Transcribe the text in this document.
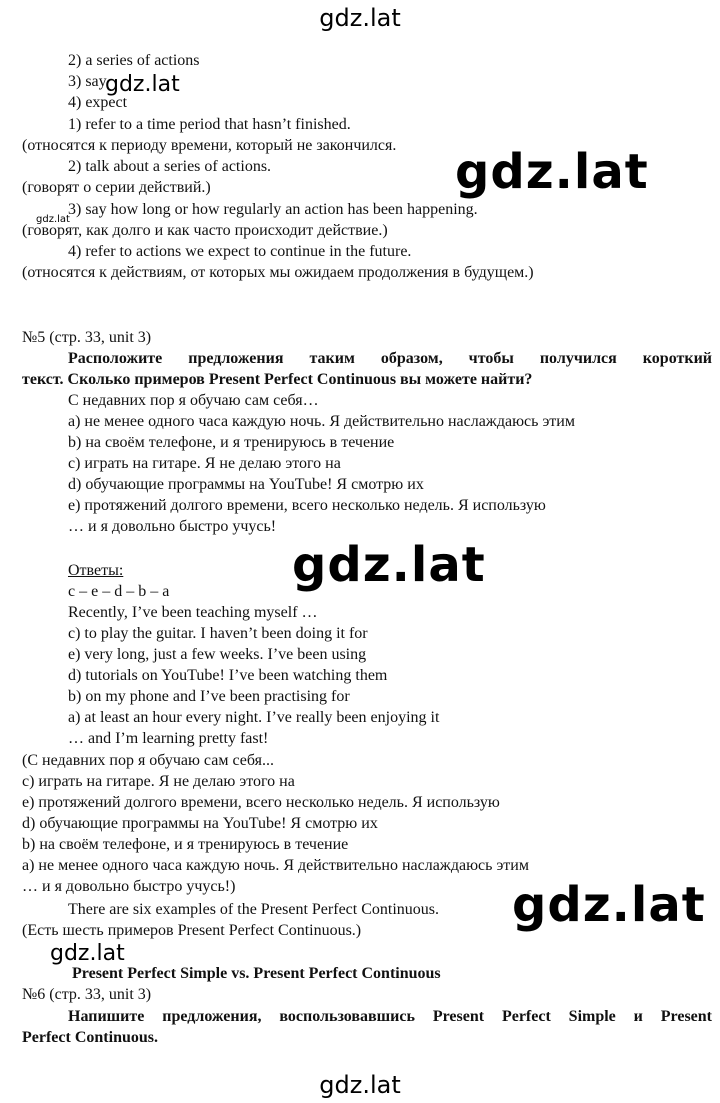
gdz.lat
2) a series of actions
3) say
gdz.lat
4) expect
1) refer to a time period that hasn’t finished.
(относятся к периоду времени, который не закончился.
2) talk about a series of actions.	gdz.lat
(говорят о серии действий.)
gdz.lat
3) say how long or how regularly an action has been happening.
(говорят, как долго и как часто происходит действие.)
4) refer to actions we expect to continue in the future.
(относятся к действиям, от которых мы ожидаем продолжения в будущем.)
№5 (стр. 33, unit 3)
Расположите предложения таким образом, чтобы получился короткий
текст. Сколько примеров Present Perfect Continuous вы можете найти?
С недавних пор я обучаю сам себя…
a) не менее одного часа каждую ночь. Я действительно наслаждаюсь этим
b) на своём телефоне, и я тренируюсь в течение
c) играть на гитаре. Я не делаю этого на
d) обучающие программы на YouTube! Я смотрю их
e) протяжений долгого времени, всего несколько недель. Я использую
… и я довольно быстро учусь!
gdz.lat
Ответы:
c – e – d – b – a
Recently, I’ve been teaching myself …
c) to play the guitar. I haven’t been doing it for
e) very long, just a few weeks. I’ve been using
d) tutorials on YouTube! I’ve been watching them
b) on my phone and I’ve been practising for
a) at least an hour every night. I’ve really been enjoying it
… and I’m learning pretty fast!
(С недавних пор я обучаю сам себя...
c) играть на гитаре. Я не делаю этого на
e) протяжений долгого времени, всего несколько недель. Я использую
d) обучающие программы на YouTube! Я смотрю их
b) на своём телефоне, и я тренируюсь в течение
a) не менее одного часа каждую ночь. Я действительно наслаждаюсь этим
… и я довольно быстро учусь!)
There are six examples of the Present Perfect Continuous. gdz.lat
(Есть шесть примеров Present Perfect Continuous.)
gdz.lat
Present Perfect Simple vs. Present Perfect Continuous
№6 (стр. 33, unit 3)
Напишите предложения, воспользовавшись Present Perfect Simple и Present
Perfect Continuous.
gdz.lat
